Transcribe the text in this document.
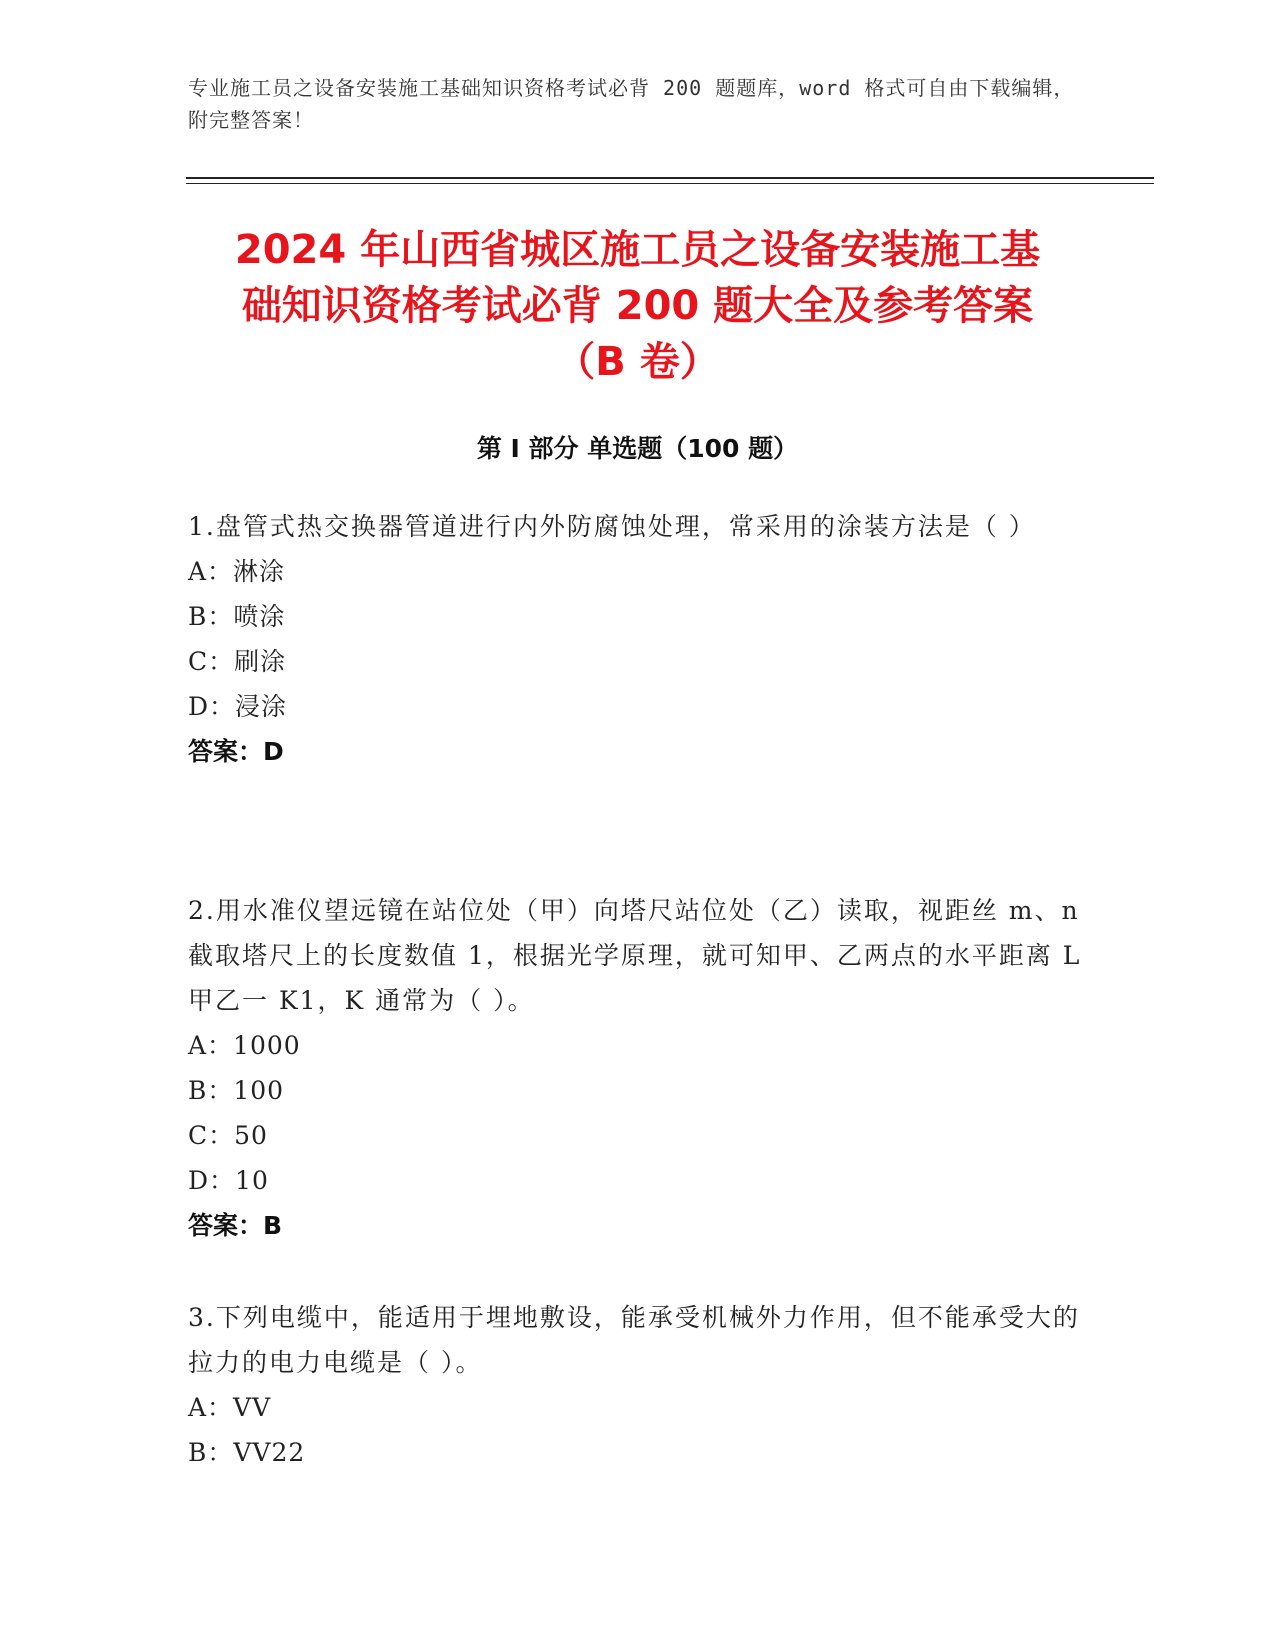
专业施工员之设备安装施工基础知识资格考试必背 200 题题库，word 格式可自由下载编辑，附完整答案！
2024 年山西省城区施工员之设备安装施工基
础知识资格考试必背 200 题大全及参考答案
（B 卷）
第 I 部分 单选题（100 题）
1.盘管式热交换器管道进行内外防腐蚀处理，常采用的涂装方法是（ ）
A：淋涂
B：喷涂
C：刷涂
D：浸涂
答案：D
2.用水准仪望远镜在站位处（甲）向塔尺站位处（乙）读取，视距丝 m、n 截取塔尺上的长度数值 1，根据光学原理，就可知甲、乙两点的水平距离 L 甲乙一 K1，K 通常为（ ）。
A：1000
B：100
C：50
D：10
答案：B
3.下列电缆中，能适用于埋地敷设，能承受机械外力作用，但不能承受大的拉力的电力电缆是（ ）。
A：VV
B：VV22
